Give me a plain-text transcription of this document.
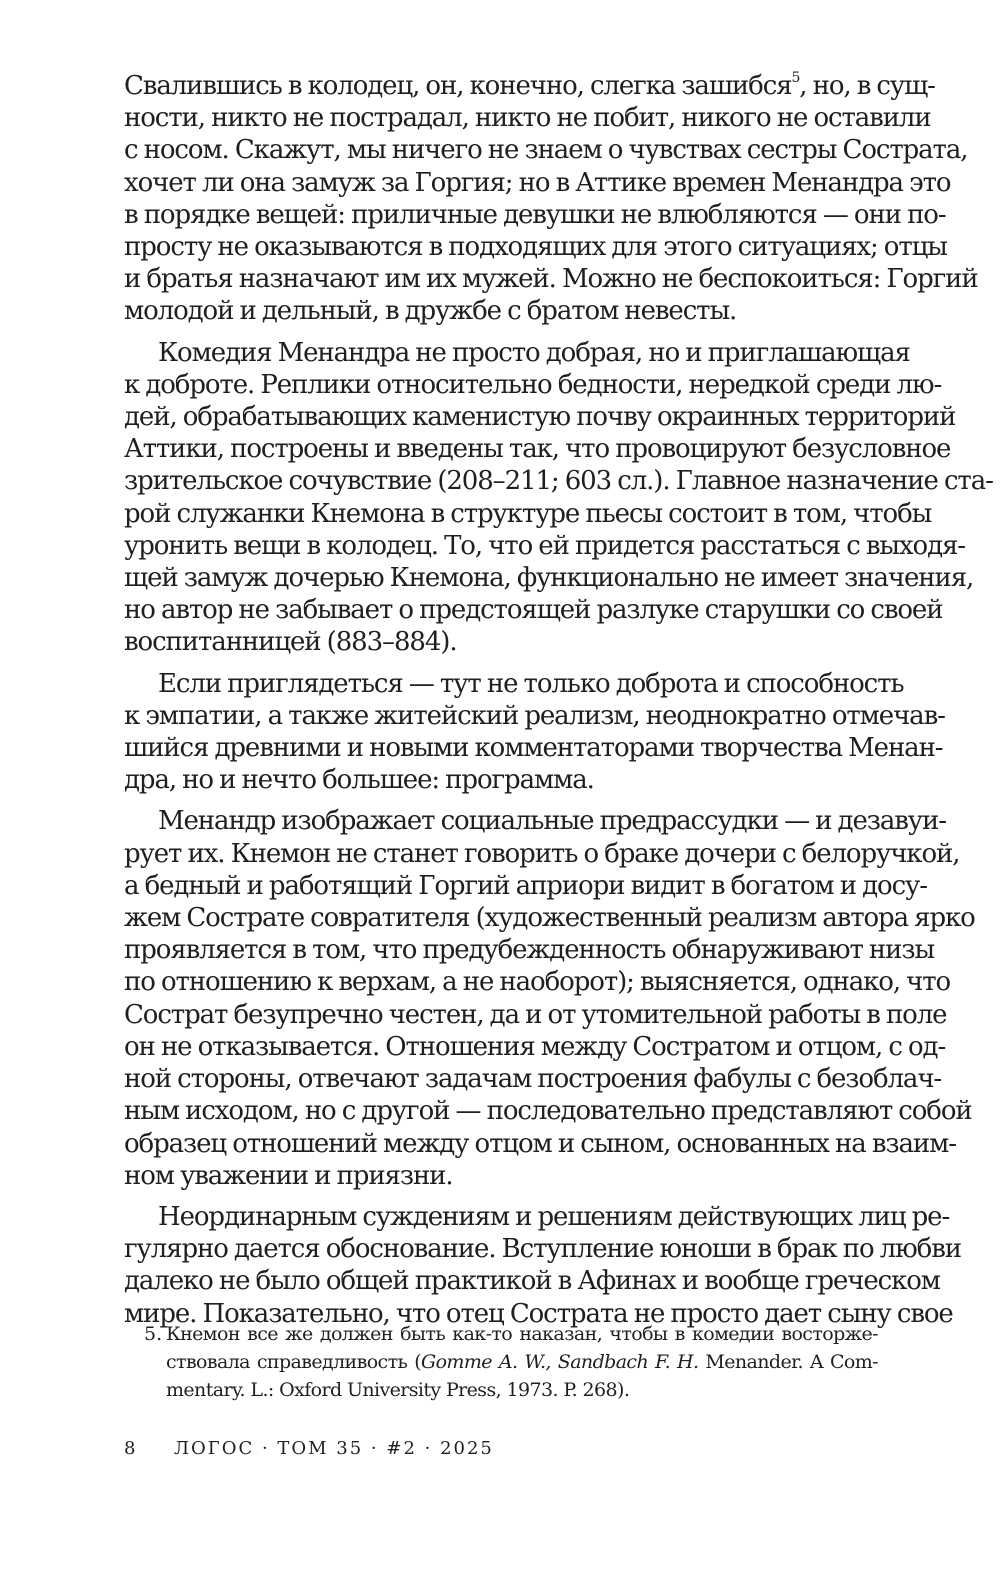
Свалившись в колодец, он, конечно, слегка зашибся$^5$, но, в сущ-
ности, никто не пострадал, никто не побит, никого не оставили
с носом. Скажут, мы ничего не знаем о чувствах сестры Сострата,
хочет ли она замуж за Горгия; но в Аттике времен Менандра это
в порядке вещей: приличные девушки не влюбляются — они по-
просту не оказываются в подходящих для этого ситуациях; отцы
и братья назначают им их мужей. Можно не беспокоиться: Горгий
молодой и дельный, в дружбе с братом невесты.
Комедия Менандра не просто добрая, но и приглашающая
к доброте. Реплики относительно бедности, нередкой среди лю-
дей, обрабатывающих каменистую почву окраинных территорий
Аттики, построены и введены так, что провоцируют безусловное
зрительское сочувствие (208–211; 603 сл.). Главное назначение ста-
рой служанки Кнемона в структуре пьесы состоит в том, чтобы
уронить вещи в колодец. То, что ей придется расстаться с выходя-
щей замуж дочерью Кнемона, функционально не имеет значения,
но автор не забывает о предстоящей разлуке старушки со своей
воспитанницей (883–884).
Если приглядеться — тут не только доброта и способность
к эмпатии, а также житейский реализм, неоднократно отмечав-
шийся древними и новыми комментаторами творчества Менан-
дра, но и нечто большее: программа.
Менандр изображает социальные предрассудки — и дезавуи-
рует их. Кнемон не станет говорить о браке дочери с белоручкой,
а бедный и работящий Горгий априори видит в богатом и досу-
жем Сострате совратителя (художественный реализм автора ярко
проявляется в том, что предубежденность обнаруживают низы
по отношению к верхам, а не наоборот); выясняется, однако, что
Сострат безупречно честен, да и от утомительной работы в поле
он не отказывается. Отношения между Состратом и отцом, с од-
ной стороны, отвечают задачам построения фабулы с безоблач-
ным исходом, но с другой — последовательно представляют собой
образец отношений между отцом и сыном, основанных на взаим-
ном уважении и приязни.
Неординарным суждениям и решениям действующих лиц ре-
гулярно дается обоснование. Вступление юноши в брак по любви
далеко не было общей практикой в Афинах и вообще греческом
мире. Показательно, что отец Сострата не просто дает сыну свое
5. Кнемон все же должен быть как-то наказан, чтобы в комедии восторже-
ствовала справедливость (Gomme A. W., Sandbach F. H. Menander. A Com-
mentary. L.: Oxford University Press, 1973. P. 268).
8 ЛОГОС · ТОМ 35 · #2 · 2025
